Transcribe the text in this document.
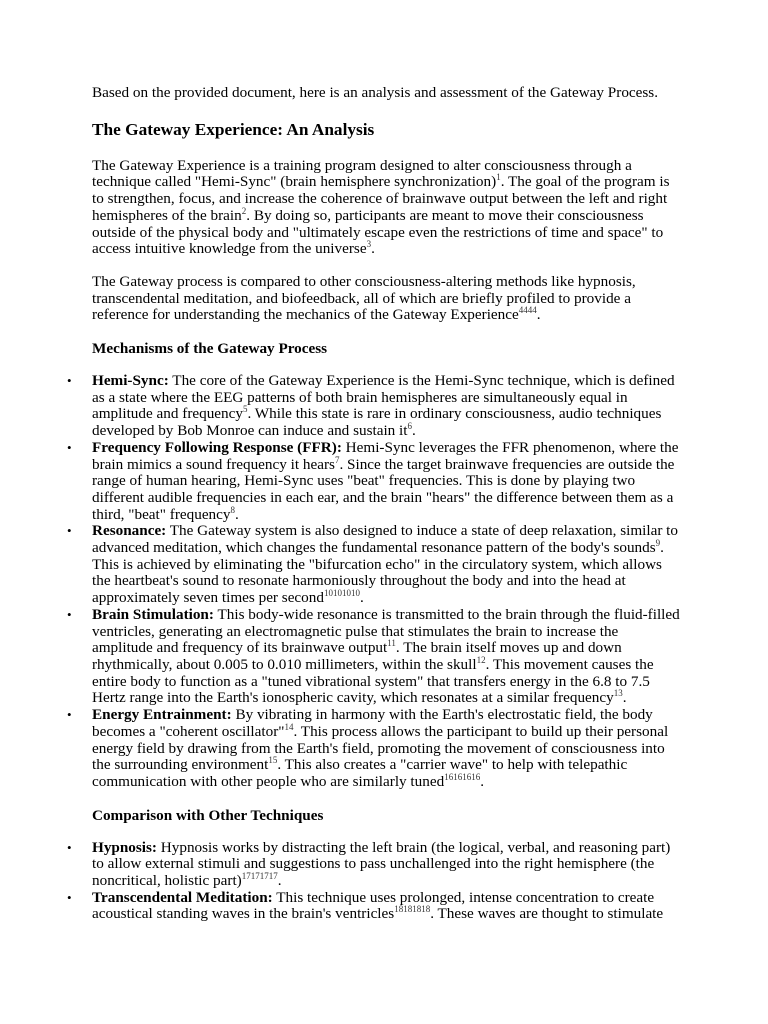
Based on the provided document, here is an analysis and assessment of the Gateway Process.

The Gateway Experience: An Analysis

The Gateway Experience is a training program designed to alter consciousness through a technique called "Hemi-Sync" (brain hemisphere synchronization)$^1$. The goal of the program is to strengthen, focus, and increase the coherence of brainwave output between the left and right hemispheres of the brain$^2$. By doing so, participants are meant to move their consciousness outside of the physical body and "ultimately escape even the restrictions of time and space" to access intuitive knowledge from the universe$^3$.

The Gateway process is compared to other consciousness-altering methods like hypnosis, transcendental meditation, and biofeedback, all of which are briefly profiled to provide a reference for understanding the mechanics of the Gateway Experience$^{4444}$.

Mechanisms of the Gateway Process
• Hemi-Sync: The core of the Gateway Experience is the Hemi-Sync technique, which is defined as a state where the EEG patterns of both brain hemispheres are simultaneously equal in amplitude and frequency$^5$. While this state is rare in ordinary consciousness, audio techniques developed by Bob Monroe can induce and sustain $it^6$.
• Frequency Following Response (FFR): Hemi-Sync leverages the FFR phenomenon, where the brain mimics a sound frequency it hears$^7$. Since the target brainwave frequencies are outside the range of human hearing, Hemi-Sync uses "beat" frequencies. This is done by playing two different audible frequencies in each ear, and the brain "hears" the difference between them as a third, "beat" frequency$^8$.
• Resonance: The Gateway system is also designed to induce a state of deep relaxation, similar to advanced meditation, which changes the fundamental resonance pattern of the body's sounds$^9$. This is achieved by eliminating the "bifurcation echo" in the circulatory system, which allows the heartbeat's sound to resonate harmoniously throughout the body and into the head at approximately seven times per second$^{10101010}$.
• Brain Stimulation: This body-wide resonance is transmitted to the brain through the fluid-filled ventricles, generating an electromagnetic pulse that stimulates the brain to increase the amplitude and frequency of its brainwave output$^{11}$. The brain itself moves up and down rhythmically, about 0.005 to 0.010 millimeters, within the skull$^{12}$. This movement causes the entire body to function as a "tuned vibrational system" that transfers energy in the 6.8 to 7.5 Hertz range into the Earth's ionospheric cavity, which resonates at a similar frequency$^{13}$.
• Energy Entrainment: By vibrating in harmony with the Earth's electrostatic field, the body becomes a "coherent oscillator"$^{14}$. This process allows the participant to build up their personal energy field by drawing from the Earth's field, promoting the movement of consciousness into the surrounding environment$^{15}$. This also creates a "carrier wave" to help with telepathic communication with other people who are similarly tuned$^{16161616}$.
Comparison with Other Techniques
• Hypnosis: Hypnosis works by distracting the left brain (the logical, verbal, and reasoning part) to allow external stimuli and suggestions to pass unchallenged into the right hemisphere (the noncritical, holistic part)$^{17171717}$.
• Transcendental Meditation: This technique uses prolonged, intense concentration to create acoustical standing waves in the brain's ventricles$^{18181818}$. These waves are thought to stimulate
